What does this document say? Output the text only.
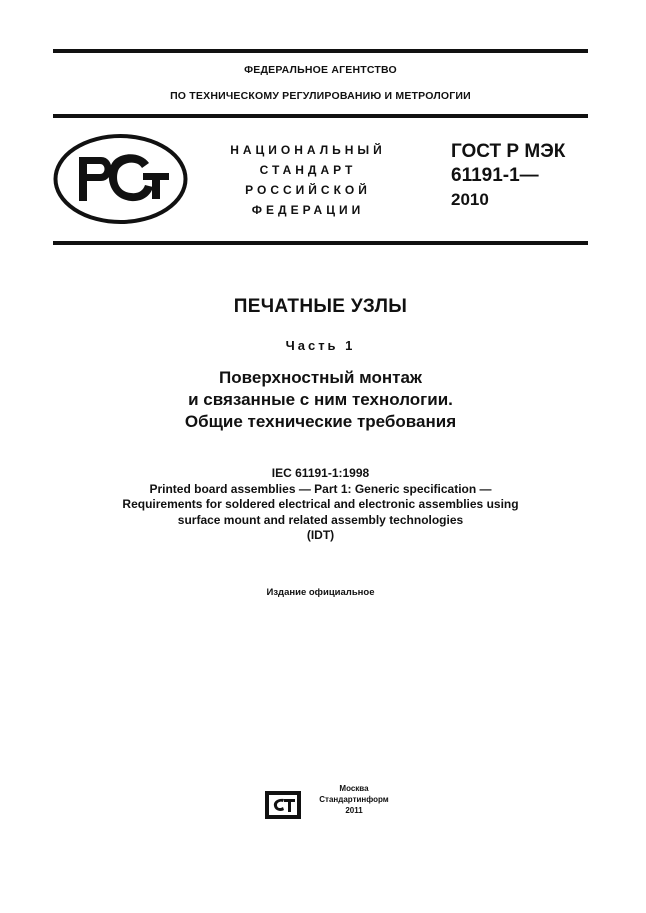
ФЕДЕРАЛЬНОЕ АГЕНТСТВО
ПО ТЕХНИЧЕСКОМУ РЕГУЛИРОВАНИЮ И МЕТРОЛОГИИ
НАЦИОНАЛЬНЫЙ
СТАНДАРТ
РОССИЙСКОЙ
ФЕДЕРАЦИИ
ГОСТ Р МЭК
61191-1—
2010
ПЕЧАТНЫЕ УЗЛЫ
Часть 1
Поверхностный монтаж
и связанные с ним технологии.
Общие технические требования
IEC 61191-1:1998
Printed board assemblies — Part 1: Generic specification —
Requirements for soldered electrical and electronic assemblies using
surface mount and related assembly technologies
(IDT)
Издание официальное
Москва
Стандартинформ
2011
